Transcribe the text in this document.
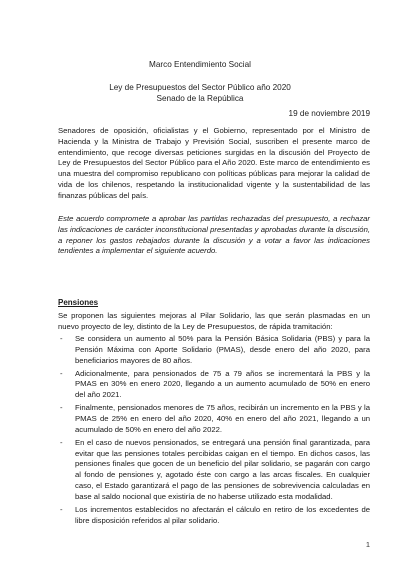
Marco Entendimiento Social
Ley de Presupuestos del Sector Público año 2020
Senado de la República
19 de noviembre 2019

Senadores de oposición, oficialistas y el Gobierno, representado por el Ministro de Hacienda y la Ministra de Trabajo y Previsión Social, suscriben el presente marco de entendimiento, que recoge diversas peticiones surgidas en la discusión del Proyecto de Ley de Presupuestos del Sector Público para el Año 2020. Este marco de entendimiento es una muestra del compromiso republicano con políticas públicas para mejorar la calidad de vida de los chilenos, respetando la institucionalidad vigente y la sustentabilidad de las finanzas públicas del país.

Este acuerdo compromete a aprobar las partidas rechazadas del presupuesto, a rechazar las indicaciones de carácter inconstitucional presentadas y aprobadas durante la discusión, a reponer los gastos rebajados durante la discusión y a votar a favor las indicaciones tendientes a implementar el siguiente acuerdo.

Pensiones

Se proponen las siguientes mejoras al Pilar Solidario, las que serán plasmadas en un nuevo proyecto de ley, distinto de la Ley de Presupuestos, de rápida tramitación:

- Se considera un aumento al 50% para la Pensión Básica Solidaria (PBS) y para la Pensión Máxima con Aporte Solidario (PMAS), desde enero del año 2020, para beneficiarios mayores de 80 años.
- Adicionalmente, para pensionados de 75 a 79 años se incrementará la PBS y la PMAS en 30% en enero 2020, llegando a un aumento acumulado de 50% en enero del año 2021.
- Finalmente, pensionados menores de 75 años, recibirán un incremento en la PBS y la PMAS de 25% en enero del año 2020, 40% en enero del año 2021, llegando a un acumulado de 50% en enero del año 2022.
- En el caso de nuevos pensionados, se entregará una pensión final garantizada, para evitar que las pensiones totales percibidas caigan en el tiempo. En dichos casos, las pensiones finales que gocen de un beneficio del pilar solidario, se pagarán con cargo al fondo de pensiones y, agotado éste con cargo a las arcas fiscales. En cualquier caso, el Estado garantizará el pago de las pensiones de sobrevivencia calculadas en base al saldo nocional que existiría de no haberse utilizado esta modalidad.
- Los incrementos establecidos no afectarán el cálculo en retiro de los excedentes de libre disposición referidos al pilar solidario.
1
